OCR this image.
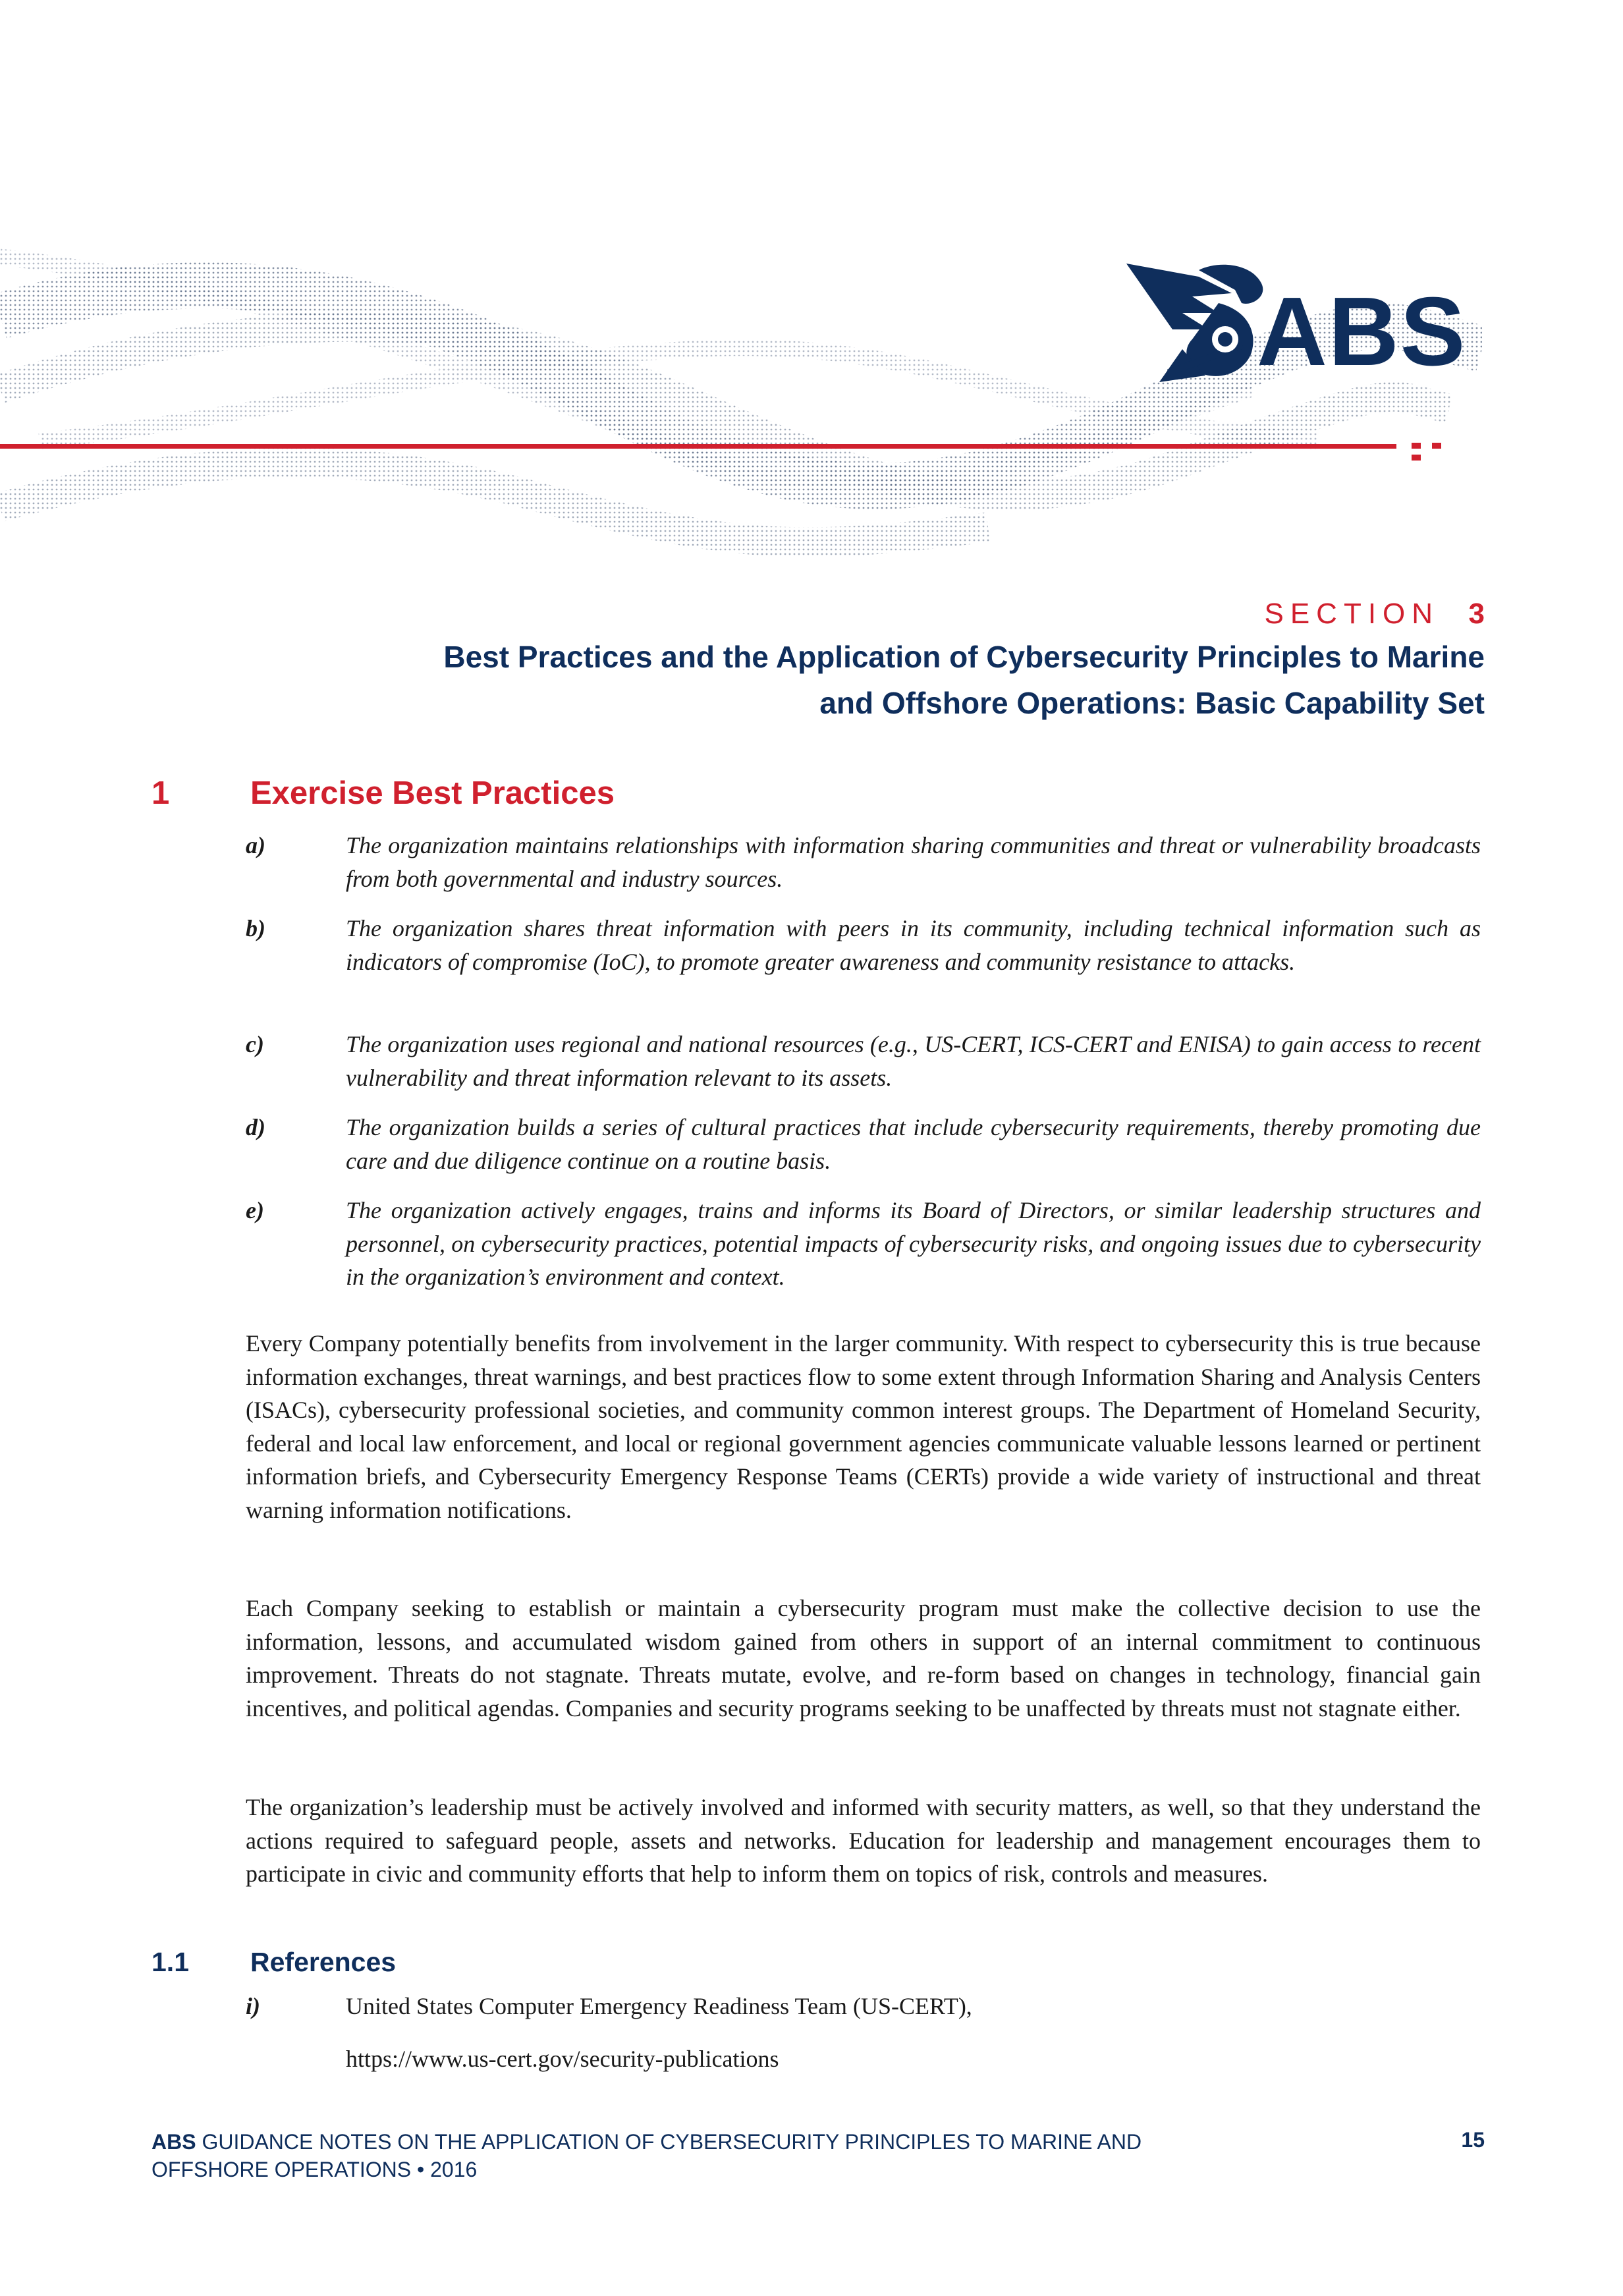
ABS
SECTION 3
Best Practices and the Application of Cybersecurity Principles to Marine
and Offshore Operations: Basic Capability Set
1	Exercise Best Practices
a)	The organization maintains relationships with information sharing communities and threat or vulnerability broadcasts from both governmental and industry sources.
b)	The organization shares threat information with peers in its community, including technical information such as indicators of compromise (IoC), to promote greater awareness and community resistance to attacks.
c)	The organization uses regional and national resources (e.g., US-CERT, ICS-CERT and ENISA) to gain access to recent vulnerability and threat information relevant to its assets.
d)	The organization builds a series of cultural practices that include cybersecurity requirements, thereby promoting due care and due diligence continue on a routine basis.
e)	The organization actively engages, trains and informs its Board of Directors, or similar leadership structures and personnel, on cybersecurity practices, potential impacts of cybersecurity risks, and ongoing issues due to cybersecurity in the organization’s environment and context.
Every Company potentially benefits from involvement in the larger community. With respect to cybersecurity this is true because information exchanges, threat warnings, and best practices flow to some extent through Information Sharing and Analysis Centers (ISACs), cybersecurity professional societies, and community common interest groups. The Department of Homeland Security, federal and local law enforcement, and local or regional government agencies communicate valuable lessons learned or pertinent information briefs, and Cybersecurity Emergency Response Teams (CERTs) provide a wide variety of instructional and threat warning information notifications.
Each Company seeking to establish or maintain a cybersecurity program must make the collective decision to use the information, lessons, and accumulated wisdom gained from others in support of an internal commitment to continuous improvement. Threats do not stagnate. Threats mutate, evolve, and re-form based on changes in technology, financial gain incentives, and political agendas. Companies and security programs seeking to be unaffected by threats must not stagnate either.
The organization’s leadership must be actively involved and informed with security matters, as well, so that they understand the actions required to safeguard people, assets and networks. Education for leadership and management encourages them to participate in civic and community efforts that help to inform them on topics of risk, controls and measures.
1.1 References
i)	United States Computer Emergency Readiness Team (US-CERT),
https://www.us-cert.gov/security-publications
ABS GUIDANCE NOTES ON THE APPLICATION OF CYBERSECURITY PRINCIPLES TO MARINE AND
OFFSHORE OPERATIONS • 2016
15
